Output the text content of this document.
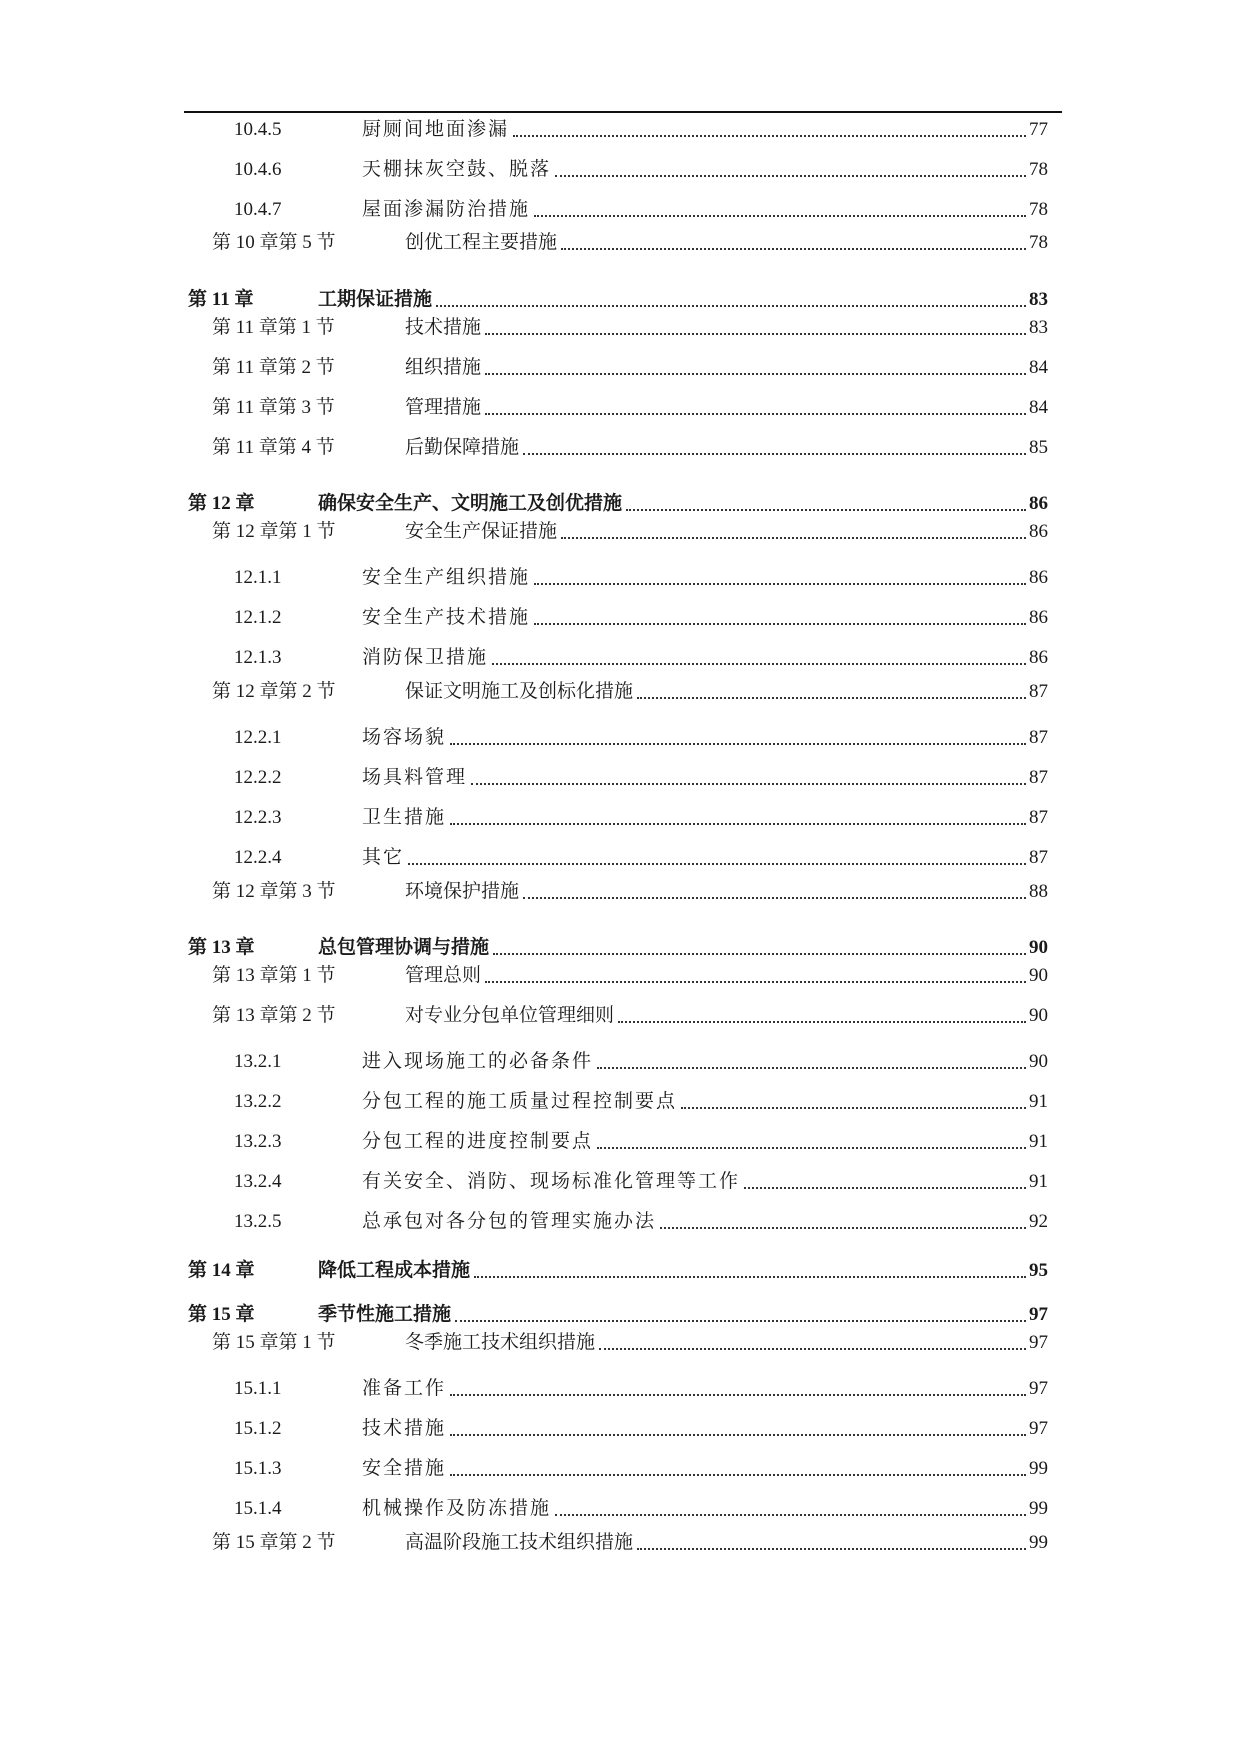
10.4.5	厨厕间地面渗漏	77
10.4.6	天棚抹灰空鼓、脱落	78
10.4.7	屋面渗漏防治措施	78
第 10 章第 5 节	创优工程主要措施	78
第 11 章	工期保证措施	83
第 11 章第 1 节	技术措施	83
第 11 章第 2 节	组织措施	84
第 11 章第 3 节	管理措施	84
第 11 章第 4 节	后勤保障措施	85
第 12 章	确保安全生产、文明施工及创优措施	86
第 12 章第 1 节	安全生产保证措施	86
12.1.1	安全生产组织措施	86
12.1.2	安全生产技术措施	86
12.1.3	消防保卫措施	86
第 12 章第 2 节	保证文明施工及创标化措施	87
12.2.1	场容场貌	87
12.2.2	场具料管理	87
12.2.3	卫生措施	87
12.2.4	其它	87
第 12 章第 3 节	环境保护措施	88
第 13 章	总包管理协调与措施	90
第 13 章第 1 节	管理总则	90
第 13 章第 2 节	对专业分包单位管理细则	90
13.2.1	进入现场施工的必备条件	90
13.2.2	分包工程的施工质量过程控制要点	91
13.2.3	分包工程的进度控制要点	91
13.2.4	有关安全、消防、现场标准化管理等工作	91
13.2.5	总承包对各分包的管理实施办法	92
第 14 章	降低工程成本措施	95
第 15 章	季节性施工措施	97
第 15 章第 1 节	冬季施工技术组织措施	97
15.1.1	准备工作	97
15.1.2	技术措施	97
15.1.3	安全措施	99
15.1.4	机械操作及防冻措施	99
第 15 章第 2 节	高温阶段施工技术组织措施	99
